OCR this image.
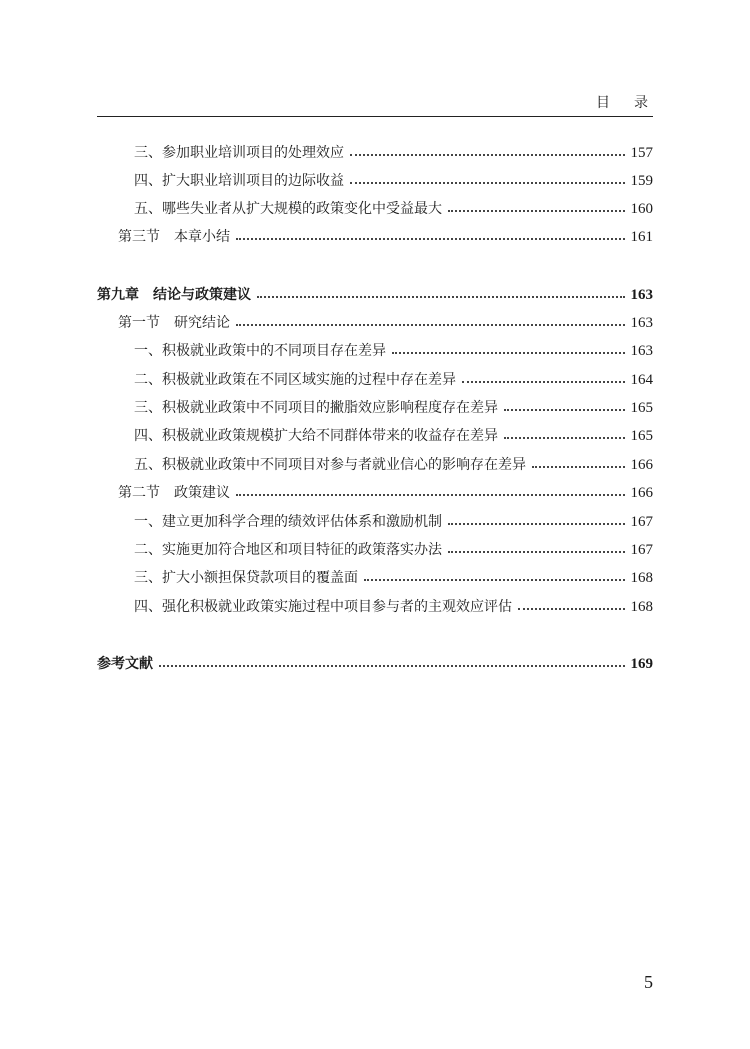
目录
三、参加职业培训项目的处理效应	157
四、扩大职业培训项目的边际收益	159
五、哪些失业者从扩大规模的政策变化中受益最大	160
第三节　本章小结	161
第九章　结论与政策建议	163
第一节　研究结论	163
一、积极就业政策中的不同项目存在差异	163
二、积极就业政策在不同区域实施的过程中存在差异	164
三、积极就业政策中不同项目的撇脂效应影响程度存在差异	165
四、积极就业政策规模扩大给不同群体带来的收益存在差异	165
五、积极就业政策中不同项目对参与者就业信心的影响存在差异	166
第二节　政策建议	166
一、建立更加科学合理的绩效评估体系和激励机制	167
二、实施更加符合地区和项目特征的政策落实办法	167
三、扩大小额担保贷款项目的覆盖面	168
四、强化积极就业政策实施过程中项目参与者的主观效应评估	168
参考文献	169
5
